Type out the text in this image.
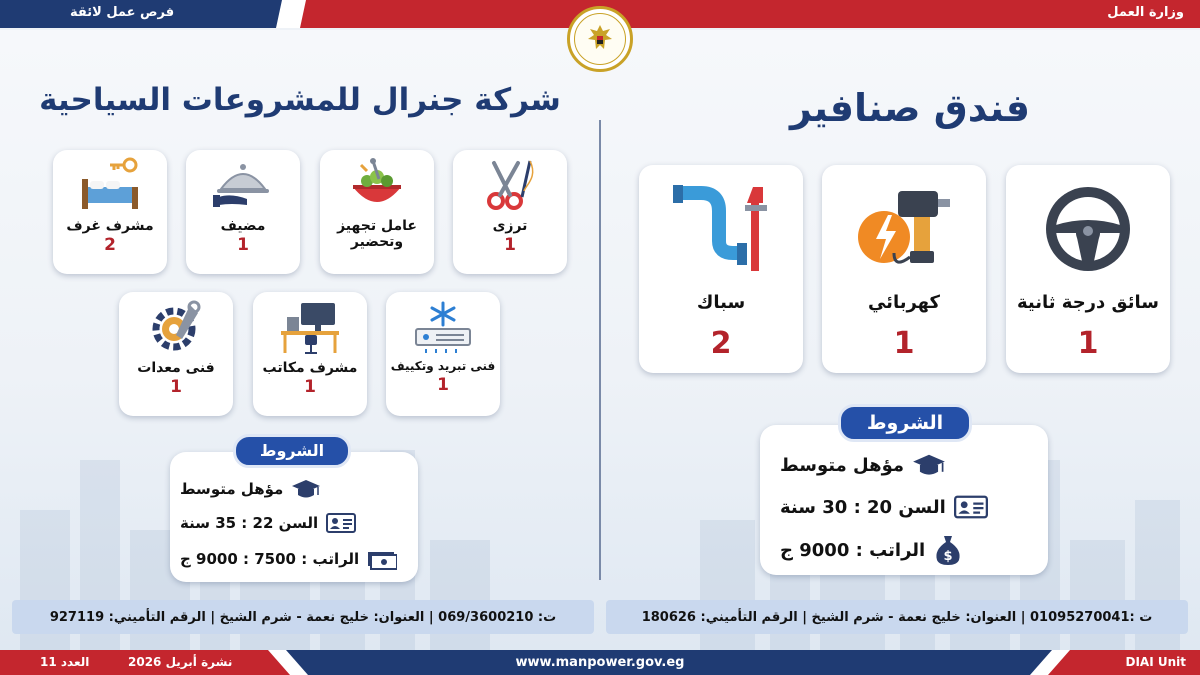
فرص عمل لائقة	وزارة العمل
شركة جنرال للمشروعات السياحية	فندق صنافير
ترزى
1
عامل تجهيز وتحضير
مضيف
1
مشرف غرف
2
فنى تبريد وتكييف
1
مشرف مكاتب
1
فنى معدات
1
الشروط
مؤهل متوسط
السن 22 : 35 سنة
الراتب : 7500 : 9000 ج
سائق درجة ثانية
1
كهربائي
1
سباك
2
الشروط
مؤهل متوسط
السن 20 : 30 سنة
$
الراتب : 9000 ج
ت: 069/3600210 | العنوان: خليج نعمة - شرم الشيخ | الرقم التأميني: 927119	ت :01095270041 | العنوان: خليج نعمة - شرم الشيخ | الرقم التأميني: 180626
العدد 11	نشرة أبريل 2026	www.manpower.gov.eg	DIAI Unit
